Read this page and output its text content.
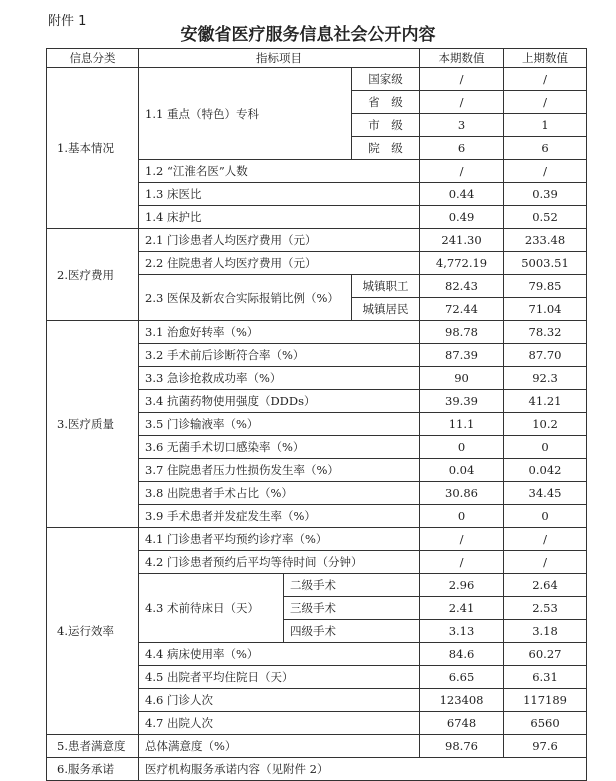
附件 1
安徽省医疗服务信息社会公开内容
信息分类	指标项目			本期数值	上期数值
1.基本情况	1.1 重点（特色）专科		国家级	/	/
			省　级	/	/
			市　级	3	1
			院　级	6	6
	1.2 “江淮名医”人数			/	/
	1.3 床医比			0.44	0.39
	1.4 床护比			0.49	0.52
2.医疗费用	2.1 门诊患者人均医疗费用（元）			241.30	233.48
	2.2 住院患者人均医疗费用（元）			4,772.19	5003.51
	2.3 医保及新农合实际报销比例（%）		城镇职工	82.43	79.85
			城镇居民	72.44	71.04
3.医疗质量	3.1 治愈好转率（%）			98.78	78.32
	3.2 手术前后诊断符合率（%）			87.39	87.70
	3.3 急诊抢救成功率（%）			90	92.3
	3.4 抗菌药物使用强度（DDDs）			39.39	41.21
	3.5 门诊输液率（%）			11.1	10.2
	3.6 无菌手术切口感染率（%）			0	0
	3.7 住院患者压力性损伤发生率（%）			0.04	0.042
	3.8 出院患者手术占比（%）			30.86	34.45
	3.9 手术患者并发症发生率（%）			0	0
4.运行效率	4.1 门诊患者平均预约诊疗率（%）			/	/
	4.2 门诊患者预约后平均等待时间（分钟）			/	/
	4.3 术前待床日（天）	二级手术		2.96	2.64
		三级手术		2.41	2.53
		四级手术		3.13	3.18
	4.4 病床使用率（%）			84.6	60.27
	4.5 出院者平均住院日（天）			6.65	6.31
	4.6 门诊人次			123408	117189
	4.7 出院人次			6748	6560
5.患者满意度	总体满意度（%）			98.76	97.6
6.服务承诺	医疗机构服务承诺内容（见附件 2）				
